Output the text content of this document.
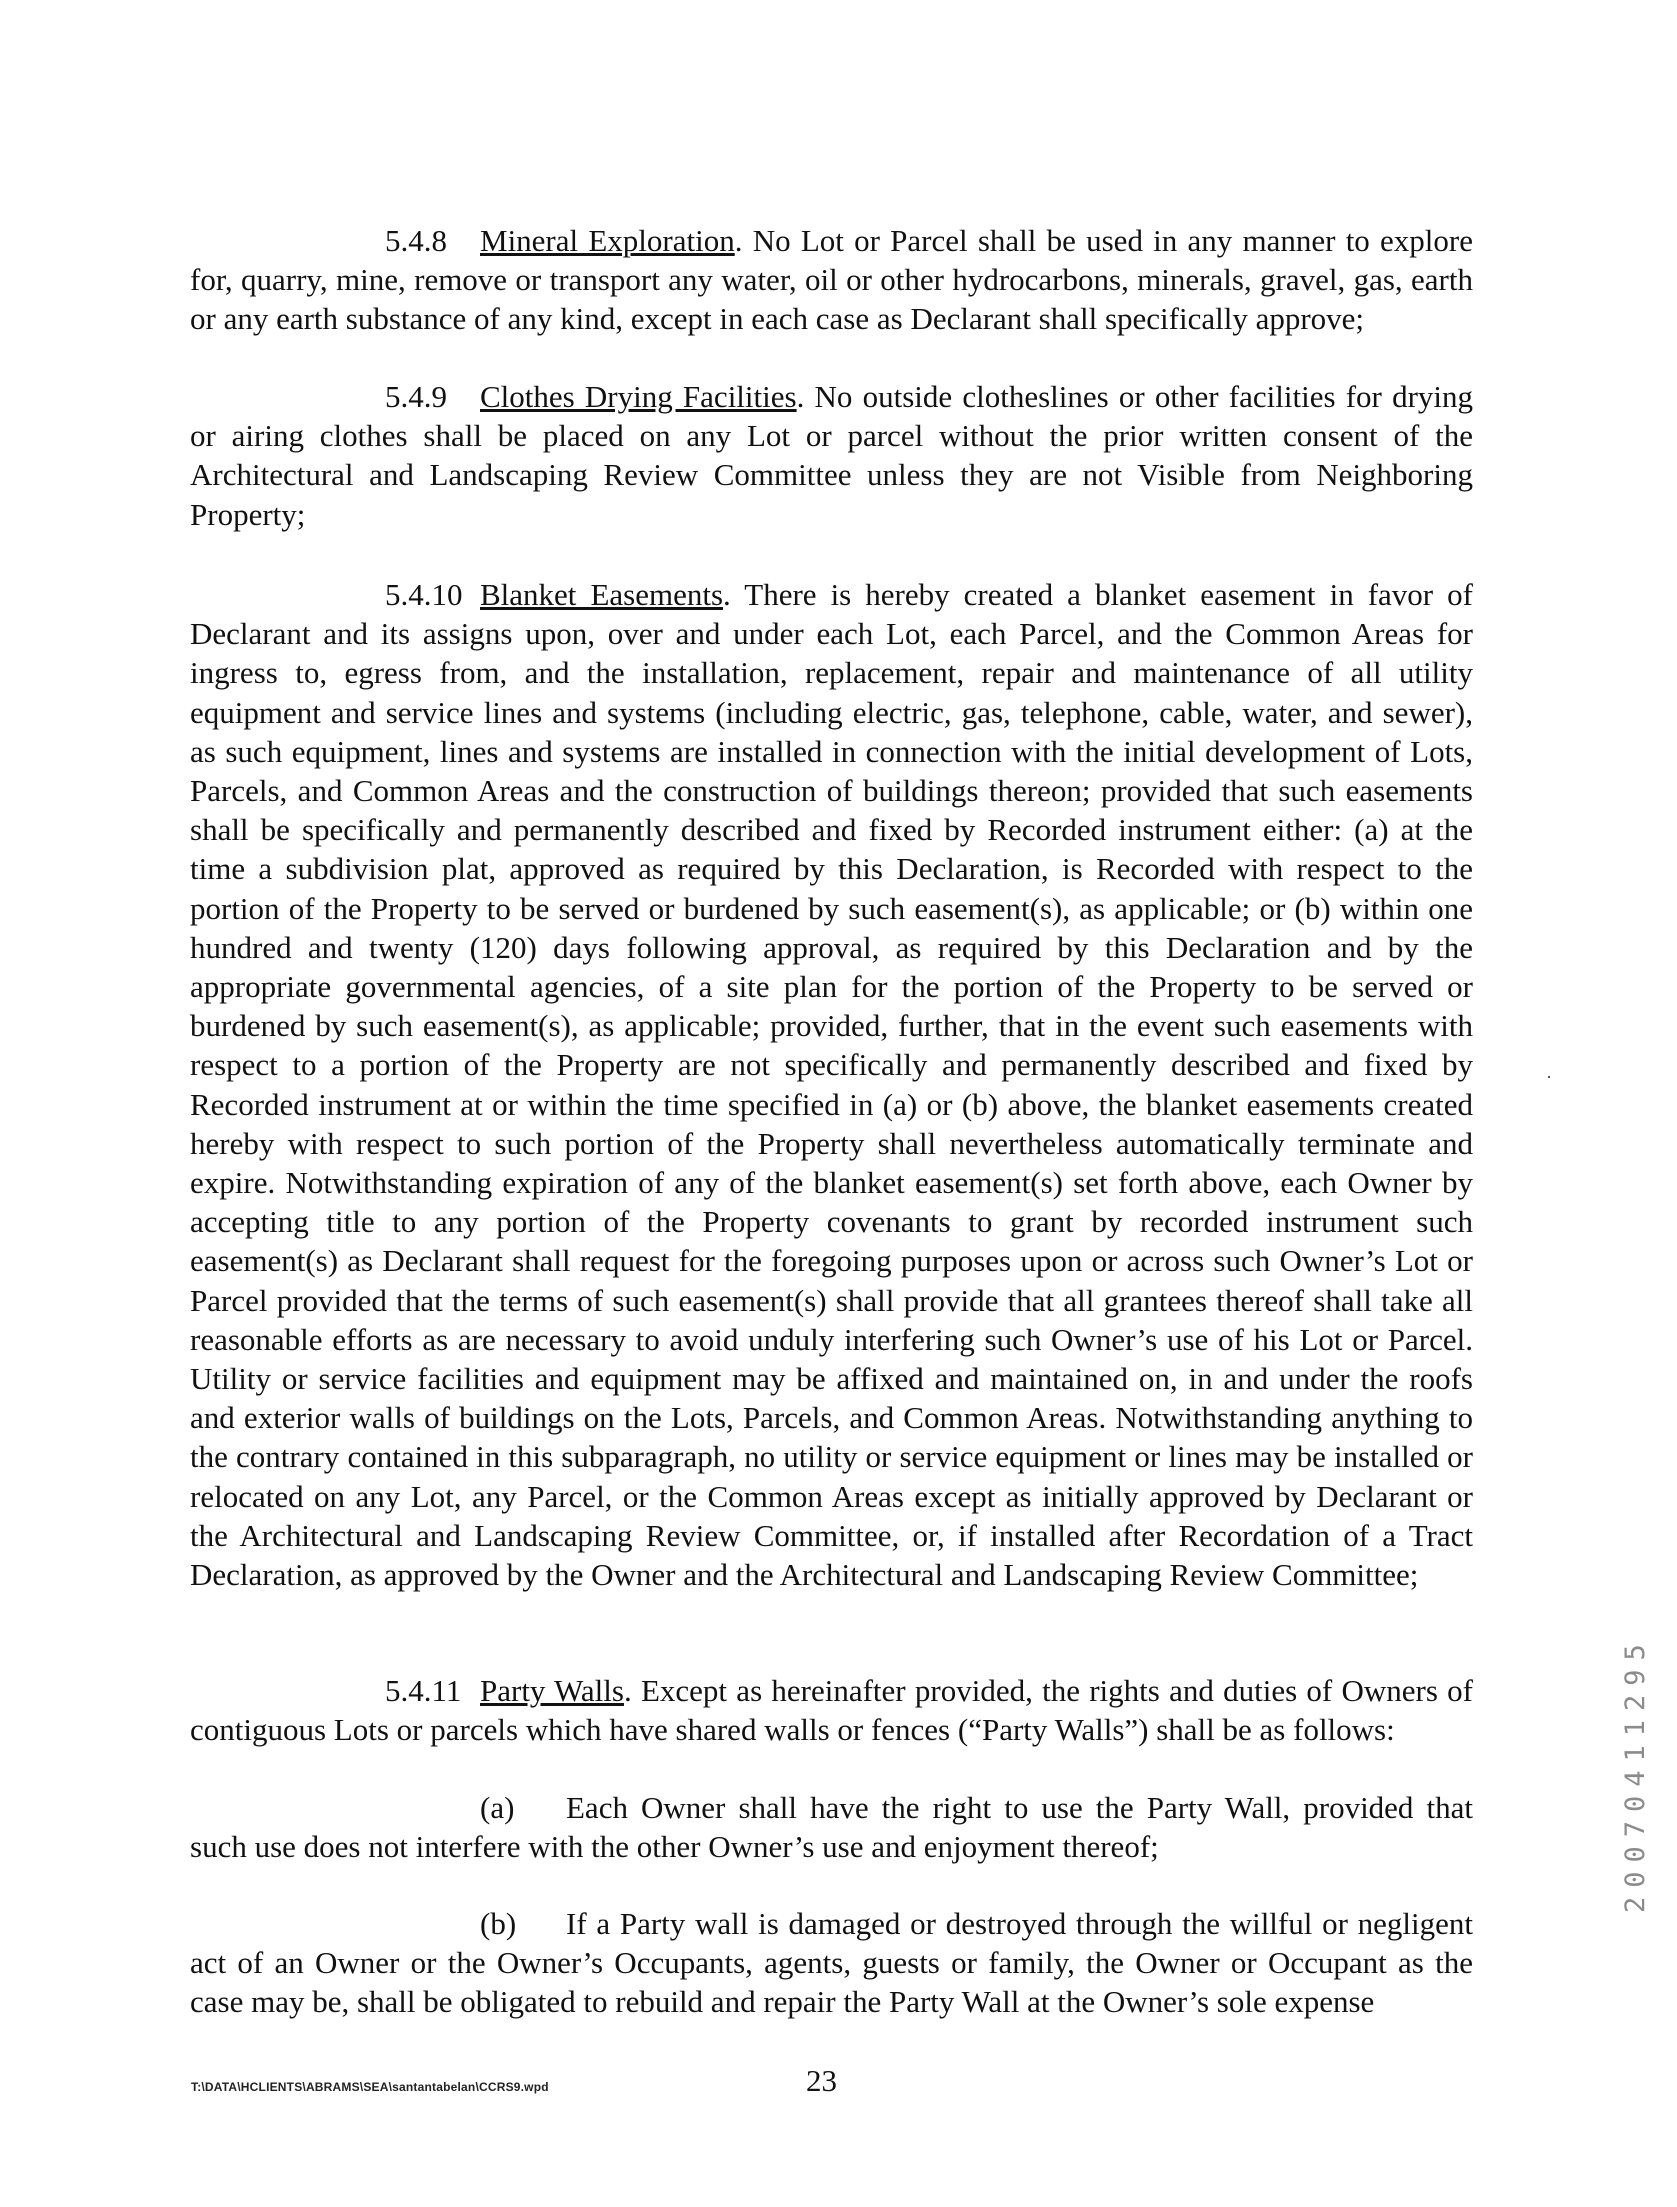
5.4.8 Mineral Exploration. No Lot or Parcel shall be used in any manner to explore for, quarry, mine, remove or transport any water, oil or other hydrocarbons, minerals, gravel, gas, earth or any earth substance of any kind, except in each case as Declarant shall specifically approve;

5.4.9 Clothes Drying Facilities. No outside clotheslines or other facilities for drying or airing clothes shall be placed on any Lot or parcel without the prior written consent of the Architectural and Landscaping Review Committee unless they are not Visible from Neighboring Property;

5.4.10 Blanket Easements. There is hereby created a blanket easement in favor of Declarant and its assigns upon, over and under each Lot, each Parcel, and the Common Areas for ingress to, egress from, and the installation, replacement, repair and maintenance of all utility equipment and service lines and systems (including electric, gas, telephone, cable, water, and sewer), as such equipment, lines and systems are installed in connection with the initial development of Lots, Parcels, and Common Areas and the construction of buildings thereon; provided that such easements shall be specifically and permanently described and fixed by Recorded instrument either: (a) at the time a subdivision plat, approved as required by this Declaration, is Recorded with respect to the portion of the Property to be served or burdened by such easement(s), as applicable; or (b) within one hundred and twenty (120) days following approval, as required by this Declaration and by the appropriate governmental agencies, of a site plan for the portion of the Property to be served or burdened by such easement(s), as applicable; provided, further, that in the event such easements with respect to a portion of the Property are not specifically and permanently described and fixed by Recorded instrument at or within the time specified in (a) or (b) above, the blanket easements created hereby with respect to such portion of the Property shall nevertheless automatically terminate and expire. Notwithstanding expiration of any of the blanket easement(s) set forth above, each Owner by accepting title to any portion of the Property covenants to grant by recorded instrument such easement(s) as Declarant shall request for the foregoing purposes upon or across such Owner’s Lot or Parcel provided that the terms of such easement(s) shall provide that all grantees thereof shall take all reasonable efforts as are necessary to avoid unduly interfering such Owner’s use of his Lot or Parcel. Utility or service facilities and equipment may be affixed and maintained on, in and under the roofs and exterior walls of buildings on the Lots, Parcels, and Common Areas. Notwithstanding anything to the contrary contained in this subparagraph, no utility or service equipment or lines may be installed or relocated on any Lot, any Parcel, or the Common Areas except as initially approved by Declarant or the Architectural and Landscaping Review Committee, or, if installed after Recordation of a Tract Declaration, as approved by the Owner and the Architectural and Landscaping Review Committee;

5.4.11 Party Walls. Except as hereinafter provided, the rights and duties of Owners of contiguous Lots or parcels which have shared walls or fences (“Party Walls”) shall be as follows:

(a) Each Owner shall have the right to use the Party Wall, provided that such use does not interfere with the other Owner’s use and enjoyment thereof;

(b) If a Party wall is damaged or destroyed through the willful or negligent act of an Owner or the Owner’s Occupants, agents, guests or family, the Owner or Occupant as the case may be, shall be obligated to rebuild and repair the Party Wall at the Owner’s sole expense

20070411295
T:\DATA\HCLIENTS\ABRAMS\SEA\santantabelan\CCRS9.wpd	23
